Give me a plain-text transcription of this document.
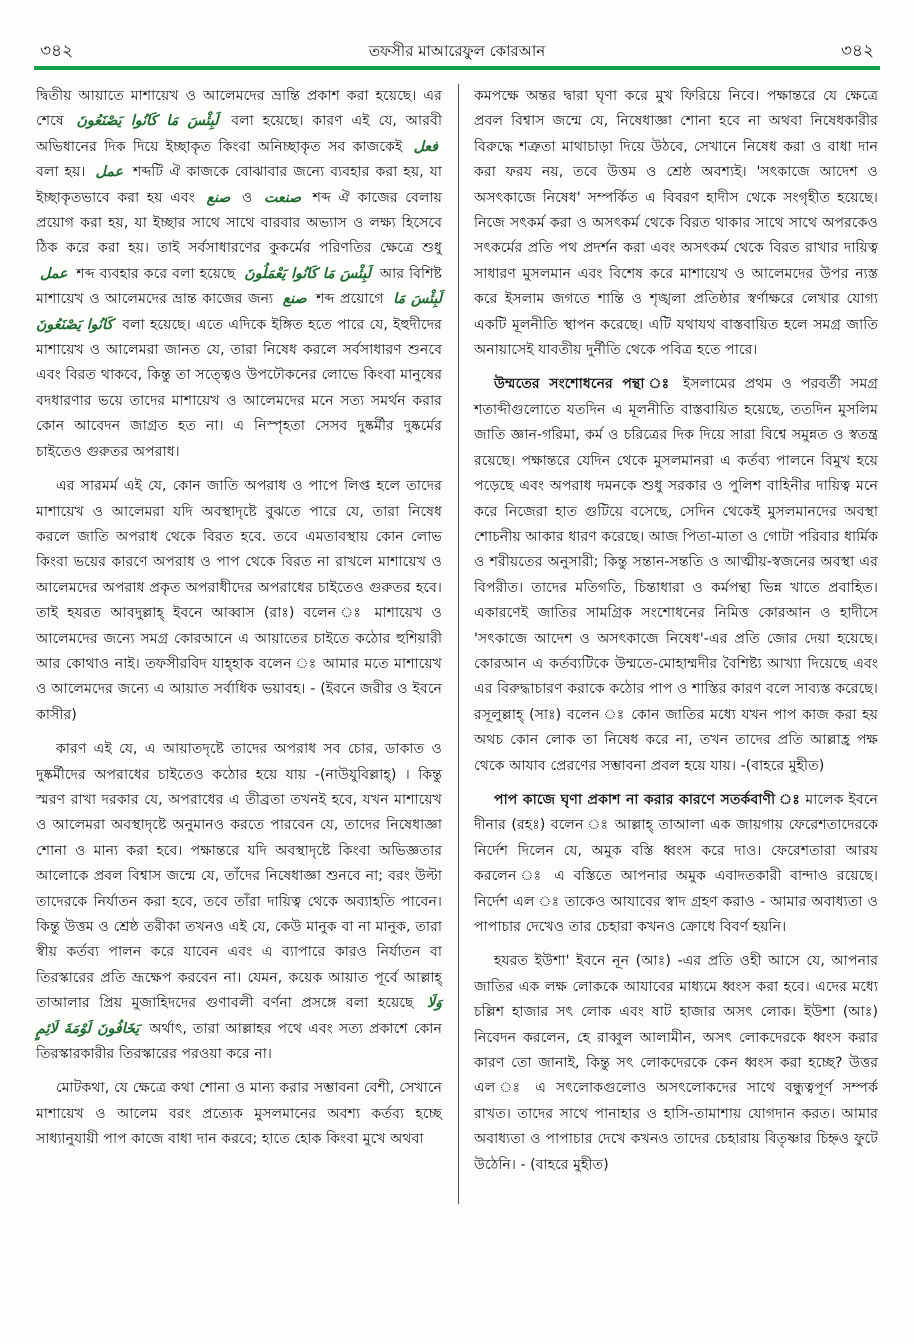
৩৪২	তফসীর মাআরেফুল কোরআন	৩৪২

দ্বিতীয় আয়াতে মাশায়েখ ও আলেমদের ভ্রান্তি প্রকাশ করা হয়েছে। এর শেষে لَبِئْسَ مَا كَانُوا يَصْنَعُونَ বলা হয়েছে। কারণ এই যে, আরবী অভিধানের দিক দিয়ে ইচ্ছাকৃত কিংবা অনিচ্ছাকৃত সব কাজকেই فعل বলা হয়। عمل শব্দটি ঐ কাজকে বোঝাবার জন্যে ব্যবহার করা হয়, যা ইচ্ছাকৃতভাবে করা হয় এবং صنع ও صنعت শব্দ ঐ কাজের বেলায় প্রয়োগ করা হয়, যা ইচ্ছার সাথে সাথে বারবার অভ্যাস ও লক্ষ্য হিসেবে ঠিক করে করা হয়। তাই সর্বসাধারণের কুকর্মের পরিণতির ক্ষেত্রে শুধু عمل শব্দ ব্যবহার করে বলা হয়েছে لَبِئْسَ مَا كَانُوا يَعْمَلُونَ আর বিশিষ্ট মাশায়েখ ও আলেমদের ভ্রান্ত কাজের জন্য صنع শব্দ প্রয়োগে لَبِئْسَ مَا كَانُوا يَصْنَعُونَ বলা হয়েছে। এতে এদিকে ইঙ্গিত হতে পারে যে, ইহুদীদের মাশায়েখ ও আলেমরা জানত যে, তারা নিষেধ করলে সর্বসাধারণ শুনবে এবং বিরত থাকবে, কিন্তু তা সত্ত্বেও উপঢৌকনের লোভে কিংবা মানুষের বদধারণার ভয়ে তাদের মাশায়েখ ও আলেমদের মনে সত্য সমর্থন করার কোন আবেদন জাগ্রত হত না। এ নিস্পৃহতা সেসব দুষ্কর্মীর দুষ্কর্মের চাইতেও গুরুতর অপরাধ।

এর সারমর্ম এই যে, কোন জাতি অপরাধ ও পাপে লিপ্ত হলে তাদের মাশায়েখ ও আলেমরা যদি অবস্থাদৃষ্টে বুঝতে পারে যে, তারা নিষেধ করলে জাতি অপরাধ থেকে বিরত হবে. তবে এমতাবস্থায় কোন লোভ কিংবা ভয়ের কারণে অপরাধ ও পাপ থেকে বিরত না রাখলে মাশায়েখ ও আলেমদের অপরাধ প্রকৃত অপরাধীদের অপরাধের চাইতেও গুরুতর হবে। তাই হযরত আবদুল্লাহ্ ইবনে আব্বাস (রাঃ) বলেন ঃ মাশায়েখ ও আলেমদের জন্যে সমগ্র কোরআনে এ আয়াতের চাইতে কঠোর হুশিয়ারী আর কোথাও নাই। তফসীরবিদ যাহ্হাক বলেন ঃ আমার মতে মাশায়েখ ও আলেমদের জন্যে এ আয়াত সর্বাধিক ভয়াবহ। - (ইবনে জরীর ও ইবনে কাসীর)

কারণ এই যে, এ আয়াতদৃষ্টে তাদের অপরাধ সব চোর, ডাকাত ও দুষ্কর্মীদের অপরাধের চাইতেও কঠোর হয়ে যায় -(নাউযুবিল্লাহ্) । কিন্তু স্মরণ রাখা দরকার যে, অপরাধের এ তীব্রতা তখনই হবে, যখন মাশায়েখ ও আলেমরা অবস্থাদৃষ্টে অনুমানও করতে পারবেন যে, তাদের নিষেধাজ্ঞা শোনা ও মান্য করা হবে। পক্ষান্তরে যদি অবস্থাদৃষ্টে কিংবা অভিজ্ঞতার আলোকে প্রবল বিশ্বাস জন্মে যে, তাঁদের নিষেধাজ্ঞা শুনবে না; বরং উল্টা তাদেরকে নির্যাতন করা হবে, তবে তাঁরা দায়িত্ব থেকে অব্যাহতি পাবেন। কিন্তু উত্তম ও শ্রেষ্ঠ তরীকা তখনও এই যে, কেউ মানুক বা না মানুক, তারা স্বীয় কর্তব্য পালন করে যাবেন এবং এ ব্যাপারে কারও নির্যাতন বা তিরস্কারের প্রতি ভ্রূক্ষেপ করবেন না। যেমন, কয়েক আয়াত পূর্বে আল্লাহ্ তাআলার প্রিয় মুজাহিদদের গুণাবলী বর্ণনা প্রসঙ্গে বলা হয়েছে وَلَا يَخَافُونَ لَوْمَةَ لَائِمٍ অর্থাৎ, তারা আল্লাহর পথে এবং সত্য প্রকাশে কোন তিরস্কারকারীর তিরস্কারের পরওয়া করে না।

মোটকথা, যে ক্ষেত্রে কথা শোনা ও মান্য করার সম্ভাবনা বেশী, সেখানে মাশায়েখ ও আলেম বরং প্রত্যেক মুসলমানের অবশ্য কর্তব্য হচ্ছে সাধ্যানুযায়ী পাপ কাজে বাধা দান করবে; হাতে হোক কিংবা মুখে অথবা

কমপক্ষে অন্তর দ্বারা ঘৃণা করে মুখ ফিরিয়ে নিবে। পক্ষান্তরে যে ক্ষেত্রে প্রবল বিশ্বাস জন্মে যে, নিষেধাজ্ঞা শোনা হবে না অথবা নিষেধকারীর বিরুদ্ধে শত্রুতা মাথাচাড়া দিয়ে উঠবে, সেখানে নিষেধ করা ও বাধা দান করা ফরয নয়, তবে উত্তম ও শ্রেষ্ঠ অবশ্যই। 'সৎকাজে আদেশ ও অসৎকাজে নিষেধ' সম্পর্কিত এ বিবরণ হাদীস থেকে সংগৃহীত হয়েছে। নিজে সৎকর্ম করা ও অসৎকর্ম থেকে বিরত থাকার সাথে সাথে অপরকেও সৎকর্মের প্রতি পথ প্রদর্শন করা এবং অসৎকর্ম থেকে বিরত রাখার দায়িত্ব সাধারণ মুসলমান এবং বিশেষ করে মাশায়েখ ও আলেমদের উপর ন্যস্ত করে ইসলাম জগতে শান্তি ও শৃঙ্খলা প্রতিষ্ঠার স্বর্ণাক্ষরে লেখার যোগ্য একটি মূলনীতি স্থাপন করেছে। এটি যথাযথ বাস্তবায়িত হলে সমগ্র জাতি অনায়াসেই যাবতীয় দুর্নীতি থেকে পবিত্র হতে পারে।

উম্মতের সংশোধনের পন্থা ঃ ইসলামের প্রথম ও পরবর্তী সমগ্র শতাব্দীগুলোতে যতদিন এ মূলনীতি বাস্তবায়িত হয়েছে, ততদিন মুসলিম জাতি জ্ঞান-গরিমা, কর্ম ও চরিত্রের দিক দিয়ে সারা বিশ্বে সমুন্নত ও স্বতন্ত্র রয়েছে। পক্ষান্তরে যেদিন থেকে মুসলমানরা এ কর্তব্য পালনে বিমুখ হয়ে পড়েছে এবং অপরাধ দমনকে শুধু সরকার ও পুলিশ বাহিনীর দায়িত্ব মনে করে নিজেরা হাত গুটিয়ে বসেছে, সেদিন থেকেই মুসলমানদের অবস্থা শোচনীয় আকার ধারণ করেছে। আজ পিতা-মাতা ও গোটা পরিবার ধার্মিক ও শরীয়তের অনুসারী; কিন্তু সন্তান-সন্ততি ও আত্মীয়-স্বজনের অবস্থা এর বিপরীত। তাদের মতিগতি, চিন্তাধারা ও কর্মপন্থা ভিন্ন খাতে প্রবাহিত। একারণেই জাতির সামগ্রিক সংশোধনের নিমিত্ত কোরআন ও হাদীসে 'সৎকাজে আদেশ ও অসৎকাজে নিষেধ'-এর প্রতি জোর দেয়া হয়েছে। কোরআন এ কর্তব্যটিকে উম্মতে-মোহাম্মদীর বৈশিষ্ট্য আখ্যা দিয়েছে এবং এর বিরুদ্ধাচারণ করাকে কঠোর পাপ ও শাস্তির কারণ বলে সাব্যস্ত করেছে। রসূলুল্লাহ্ (সাঃ) বলেন ঃ কোন জাতির মধ্যে যখন পাপ কাজ করা হয় অথচ কোন লোক তা নিষেধ করে না, তখন তাদের প্রতি আল্লাহ্র পক্ষ থেকে আযাব প্রেরণের সম্ভাবনা প্রবল হয়ে যায়। -(বাহরে মুহীত)

পাপ কাজে ঘৃণা প্রকাশ না করার কারণে সতর্কবাণী ঃ মালেক ইবনে দীনার (রহঃ) বলেন ঃ আল্লাহ্ তাআলা এক জায়গায় ফেরেশতাদেরকে নির্দেশ দিলেন যে, অমুক বস্তি ধ্বংস করে দাও। ফেরেশতারা আরয করলেন ঃ এ বস্তিতে আপনার অমুক এবাদতকারী বান্দাও রয়েছে। নির্দেশ এল ঃ তাকেও আযাবের স্বাদ গ্রহণ করাও - আমার অবাধ্যতা ও পাপাচার দেখেও তার চেহারা কখনও ক্রোধে বিবর্ণ হয়নি।

হযরত ইউশা' ইবনে নূন (আঃ) -এর প্রতি ওহী আসে যে, আপনার জাতির এক লক্ষ লোককে আযাবের মাধ্যমে ধ্বংস করা হবে। এদের মধ্যে চল্লিশ হাজার সৎ লোক এবং ষাট হাজার অসৎ লোক। ইউশা (আঃ) নিবেদন করলেন, হে রাব্বুল আলামীন, অসৎ লোকদেরকে ধ্বংস করার কারণ তো জানাই, কিন্তু সৎ লোকদেরকে কেন ধ্বংস করা হচ্ছে? উত্তর এল ঃ এ সৎলোকগুলোও অসৎলোকদের সাথে বন্ধুত্বপূর্ণ সম্পর্ক রাখত। তাদের সাথে পানাহার ও হাসি-তামাশায় যোগদান করত। আমার অবাধ্যতা ও পাপাচার দেখে কখনও তাদের চেহারায় বিতৃষ্ণার চিহ্নও ফুটে উঠেনি। - (বাহরে মুহীত)
